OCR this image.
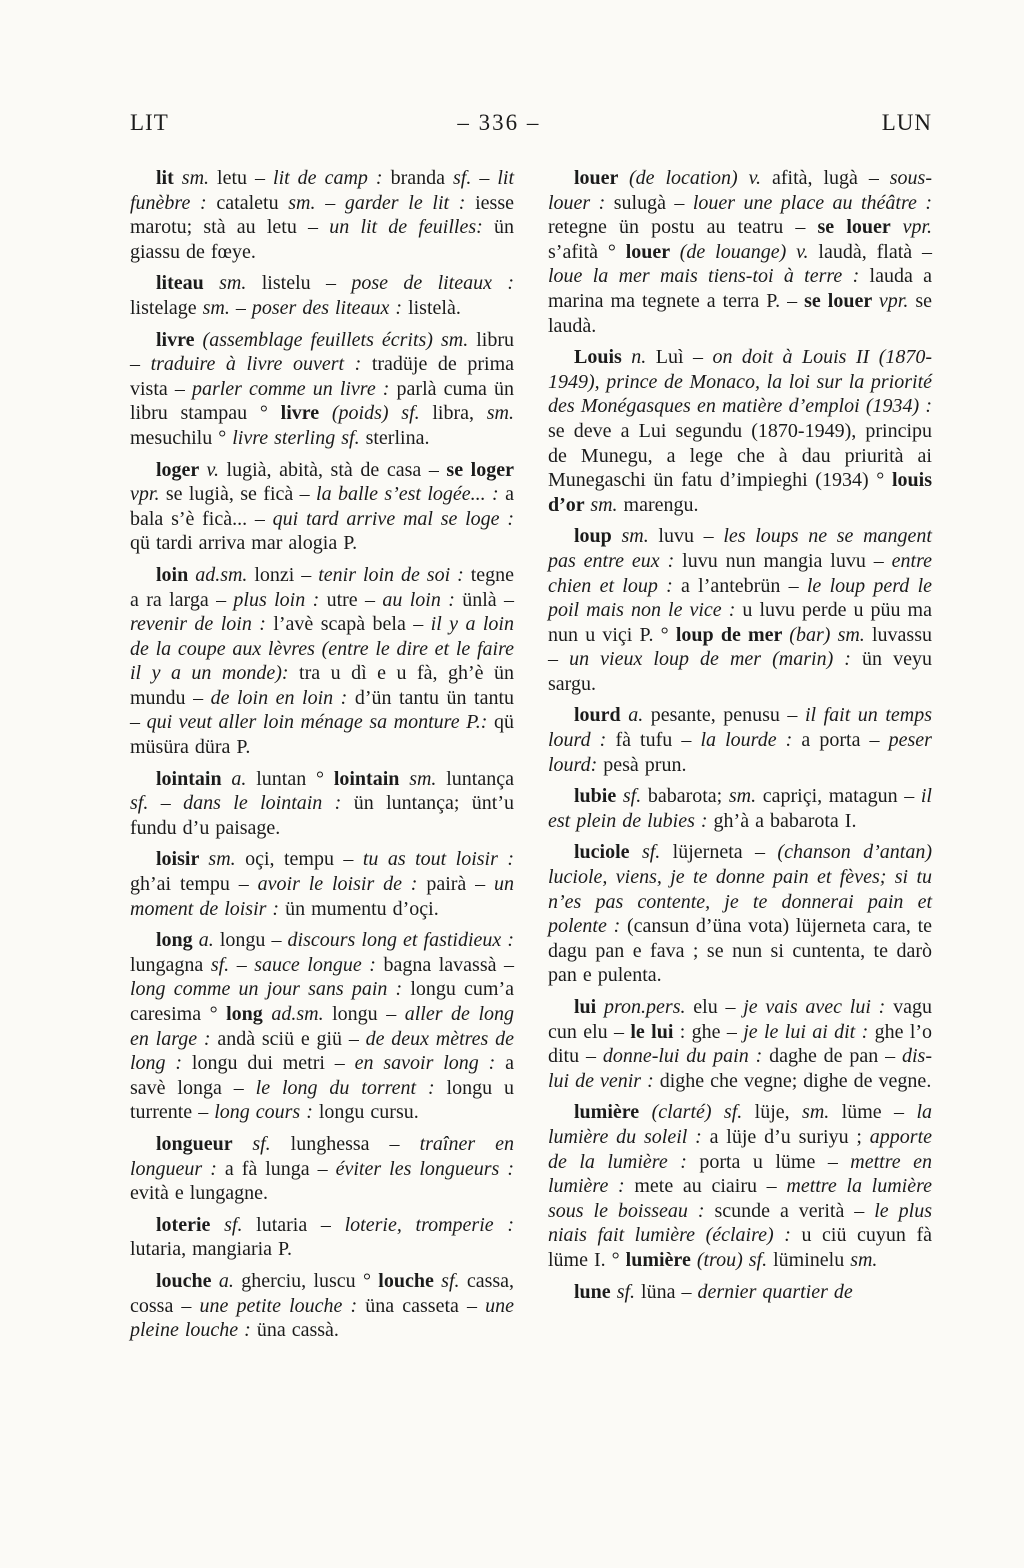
LIT	– 336 –	LUN

lit sm. letu – lit de camp : branda sf. – lit funèbre : cataletu sm. – garder le lit : iesse marotu; stà au letu – un lit de feuilles: ün giassu de fœye.

liteau sm. listelu – pose de liteaux : listelage sm. – poser des liteaux : listelà.

livre (assemblage feuillets écrits) sm. libru – traduire à livre ouvert : tradüje de prima vista – parler comme un livre : parlà cuma ün libru stampau ° livre (poids) sf. libra, sm. mesuchilu ° livre sterling sf. sterlina.

loger v. lugià, abità, stà de casa – se loger vpr. se lugià, se ficà – la balle s’est logée... : a bala s’è ficà... – qui tard arrive mal se loge : qü tardi arriva mar alogia P.

loin ad.sm. lonzi – tenir loin de soi : tegne a ra larga – plus loin : utre – au loin : ünlà – revenir de loin : l’avè scapà bela – il y a loin de la coupe aux lèvres (entre le dire et le faire il y a un monde): tra u dì e u fà, gh’è ün mundu – de loin en loin : d’ün tantu ün tantu – qui veut aller loin ménage sa monture P.: qü müsüra düra P.

lointain a. luntan ° lointain sm. luntança sf. – dans le lointain : ün luntança; ünt’u fundu d’u paisage.

loisir sm. oçi, tempu – tu as tout loisir : gh’ai tempu – avoir le loisir de : pairà – un moment de loisir : ün mumentu d’oçi.

long a. longu – discours long et fastidieux : lungagna sf. – sauce longue : bagna lavassà – long comme un jour sans pain : longu cum’a caresima ° long ad.sm. longu – aller de long en large : andà sciü e giü – de deux mètres de long : longu dui metri – en savoir long : a savè longa – le long du torrent : longu u turrente – long cours : longu cursu.

longueur sf. lunghessa – traîner en longueur : a fà lunga – éviter les longueurs : evità e lungagne.

loterie sf. lutaria – loterie, tromperie : lutaria, mangiaria P.

louche a. gherciu, luscu ° louche sf. cassa, cossa – une petite louche : üna casseta – une pleine louche : üna cassà.

louer (de location) v. afità, lugà – sous-louer : sulugà – louer une place au théâtre : retegne ün postu au teatru – se louer vpr. s’afità ° louer (de louange) v. laudà, flatà – loue la mer mais tiens-toi à terre : lauda a marina ma tegnete a terra P. – se louer vpr. se laudà.

Louis n. Luì – on doit à Louis II (1870-1949), prince de Monaco, la loi sur la priorité des Monégasques en matière d’emploi (1934) : se deve a Lui segundu (1870-1949), principu de Munegu, a lege che à dau priurità ai Munegaschi ün fatu d’impieghi (1934) ° louis d’or sm. marengu.

loup sm. luvu – les loups ne se mangent pas entre eux : luvu nun mangia luvu – entre chien et loup : a l’antebrün – le loup perd le poil mais non le vice : u luvu perde u püu ma nun u viçi P. ° loup de mer (bar) sm. luvassu – un vieux loup de mer (marin) : ün veyu sargu.

lourd a. pesante, penusu – il fait un temps lourd : fà tufu – la lourde : a porta – peser lourd: pesà prun.

lubie sf. babarota; sm. capriçi, matagun – il est plein de lubies : gh’à a babarota I.

luciole sf. lüjerneta – (chanson d’antan) luciole, viens, je te donne pain et fèves; si tu n’es pas contente, je te donnerai pain et polente : (cansun d’üna vota) lüjerneta cara, te dagu pan e fava ; se nun si cuntenta, te darò pan e pulenta.

lui pron.pers. elu – je vais avec lui : vagu cun elu – le lui : ghe – je le lui ai dit : ghe l’o ditu – donne-lui du pain : daghe de pan – dis-lui de venir : dighe che vegne; dighe de vegne.

lumière (clarté) sf. lüje, sm. lüme – la lumière du soleil : a lüje d’u suriyu ; apporte de la lumière : porta u lüme – mettre en lumière : mete au ciairu – mettre la lumière sous le boisseau : scunde a verità – le plus niais fait lumière (éclaire) : u ciü cuyun fà lüme I. ° lumière (trou) sf. lüminelu sm.

lune sf. lüna – dernier quartier de
